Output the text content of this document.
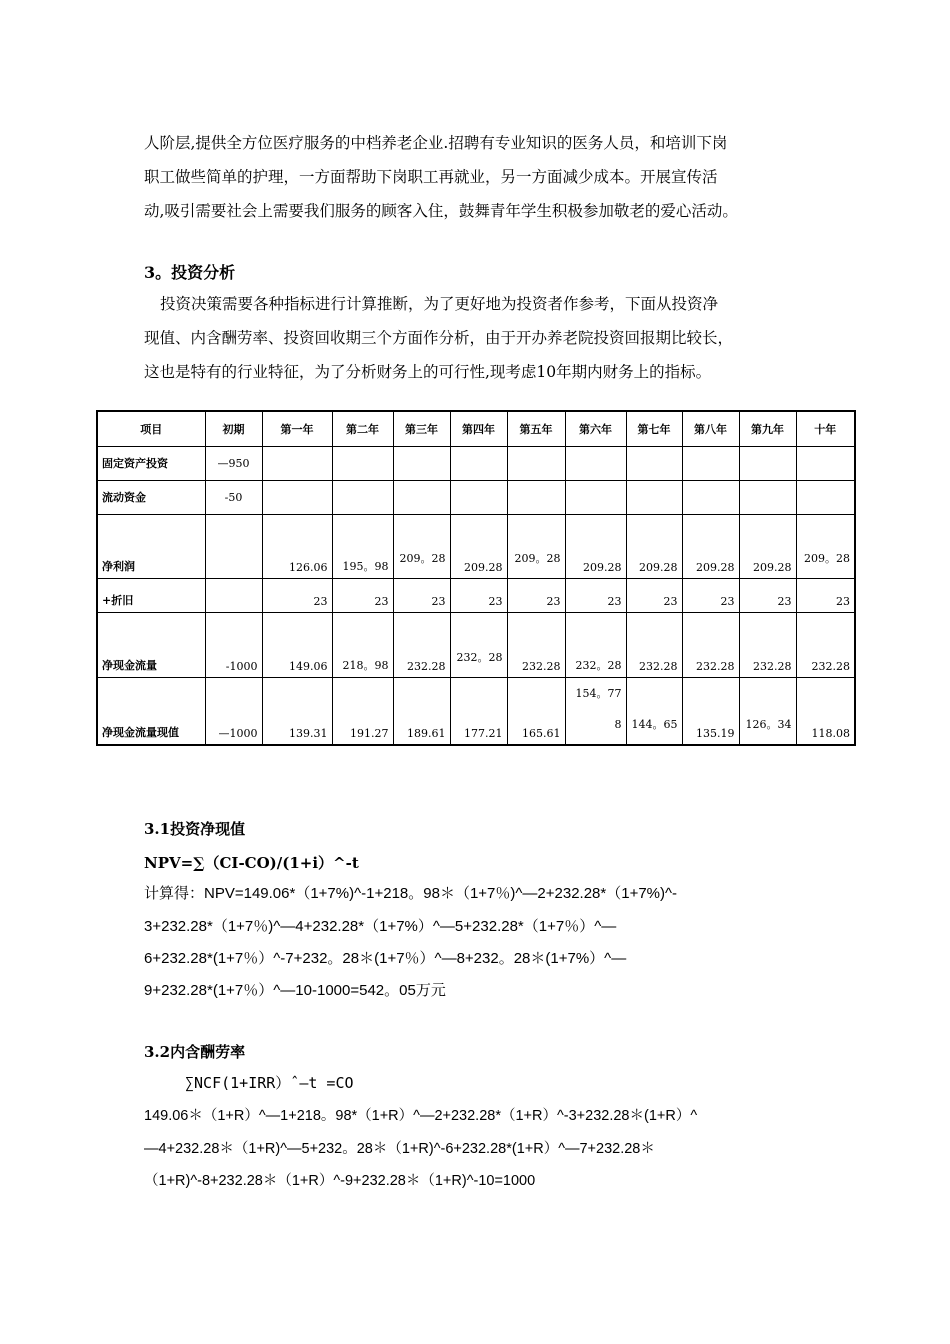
人阶层,提供全方位医疗服务的中档养老企业.招聘有专业知识的医务人员，和培训下岗
职工做些简单的护理，一方面帮助下岗职工再就业，另一方面减少成本。开展宣传活
动,吸引需要社会上需要我们服务的顾客入住，鼓舞青年学生积极参加敬老的爱心活动。
3。投资分析
投资决策需要各种指标进行计算推断，为了更好地为投资者作参考，下面从投资净
现值、内含酬劳率、投资回收期三个方面作分析，由于开办养老院投资回报期比较长，
这也是特有的行业特征，为了分析财务上的可行性,现考虑10年期内财务上的指标。
项目	初期	第一年	第二年	第三年	第四年	第五年	第六年	第七年	第八年	第九年	十年
固定资产投资	—950										
流动资金	-50										
净利润		126.06	195。98	209。28	209.28	209。28	209.28	209.28	209.28	209.28	209。28

+折旧		23	23	23	23	23	23	23	23	23	23
净现金流量	-1000	149.06	218。98	232.28	232。28	232.28	232。28	232.28	232.28	232.28	232.28
净现金流量现值	—1000	139.31	191.27	189.61	177.21	165.61	154。778	144。65	135.19	126。34	118.08
3.1投资净现值
NPV=∑（CI-CO)/(1+i）^-t
计算得：NPV=149.06*（1+7%)^-1+218。98＊（1+7％)^—2+232.28*（1+7%)^-
3+232.28*（1+7％)^—4+232.28*（1+7%）^—5+232.28*（1+7％）^—
6+232.28*(1+7％）^-7+232。28＊(1+7％）^—8+232。28＊(1+7%）^—
9+232.28*(1+7％）^—10-1000=542。05万元
3.2内含酬劳率
∑NCF(1+IRR）ˆ—t =CO
149.06＊（1+R）^—1+218。98*（1+R）^—2+232.28*（1+R）^-3+232.28＊(1+R）^
—4+232.28＊（1+R)^—5+232。28＊（1+R)^-6+232.28*(1+R）^—7+232.28＊
（1+R)^-8+232.28＊（1+R）^-9+232.28＊（1+R)^-10=1000
